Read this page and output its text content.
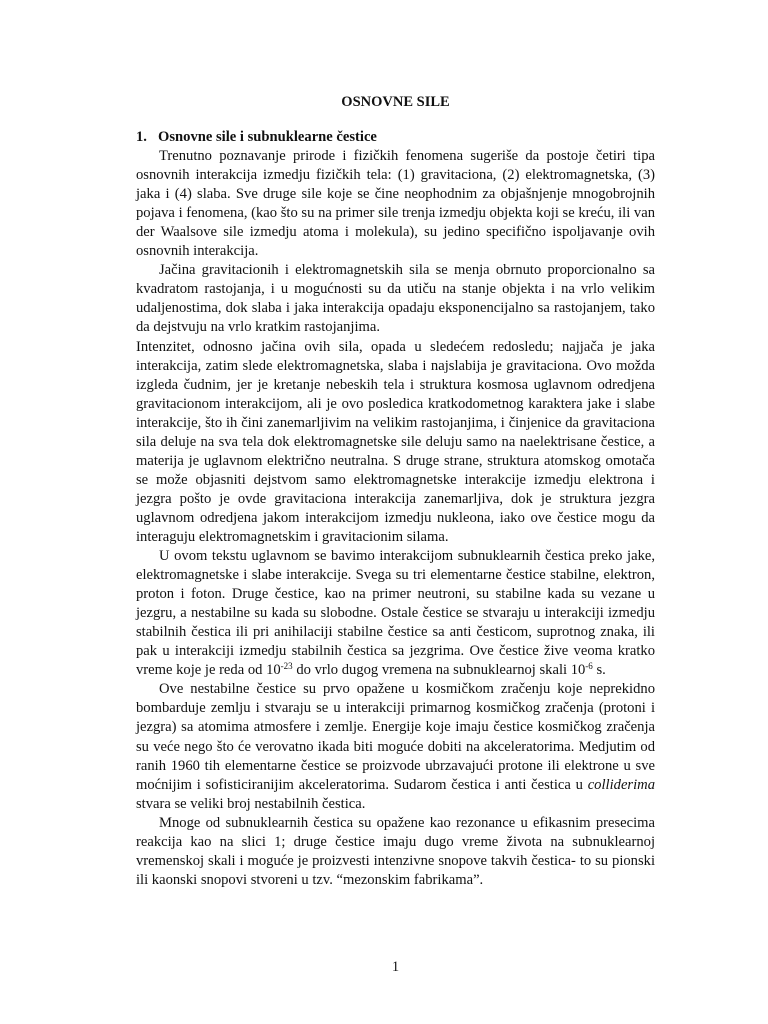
OSNOVNE SILE

1. Osnovne sile i subnuklearne čestice

Trenutno poznavanje prirode i fizičkih fenomena sugeriše da postoje četiri tipa osnovnih interakcija izmedju fizičkih tela: (1) gravitaciona, (2) elektromagnetska, (3) jaka i (4) slaba. Sve druge sile koje se čine neophodnim za objašnjenje mnogobrojnih pojava i fenomena, (kao što su na primer sile trenja izmedju objekta koji se kreću, ili van der Waalsove sile izmedju atoma i molekula), su jedino specifično ispoljavanje ovih osnovnih interakcija.

Jačina gravitacionih i elektromagnetskih sila se menja obrnuto proporcionalno sa kvadratom rastojanja, i u mogućnosti su da utiču na stanje objekta i na vrlo velikim udaljenostima, dok slaba i jaka interakcija opadaju eksponencijalno sa rastojanjem, tako da dejstvuju na vrlo kratkim rastojanjima.

Intenzitet, odnosno jačina ovih sila, opada u sledećem redosledu; najjača je jaka interakcija, zatim slede elektromagnetska, slaba i najslabija je gravitaciona. Ovo možda izgleda čudnim, jer je kretanje nebeskih tela i struktura kosmosa uglavnom odredjena gravitacionom interakcijom, ali je ovo posledica kratkodometnog karaktera jake i slabe interakcije, što ih čini zanemarljivim na velikim rastojanjima, i činjenice da gravitaciona sila deluje na sva tela dok elektromagnetske sile deluju samo na naelektrisane čestice, a materija je uglavnom električno neutralna. S druge strane, struktura atomskog omotača se može objasniti dejstvom samo elektromagnetske interakcije izmedju elektrona i jezgra pošto je ovde gravitaciona interakcija zanemarljiva, dok je struktura jezgra uglavnom odredjena jakom interakcijom izmedju nukleona, iako ove čestice mogu da interaguju elektromagnetskim i gravitacionim silama.

U ovom tekstu uglavnom se bavimo interakcijom subnuklearnih čestica preko jake, elektromagnetske i slabe interakcije. Svega su tri elementarne čestice stabilne, elektron, proton i foton. Druge čestice, kao na primer neutroni, su stabilne kada su vezane u jezgru, a nestabilne su kada su slobodne. Ostale čestice se stvaraju u interakciji izmedju stabilnih čestica ili pri anihilaciji stabilne čestice sa anti česticom, suprotnog znaka, ili pak u interakciji izmedju stabilnih čestica sa jezgrima. Ove čestice žive veoma kratko vreme koje je reda od $10^{-23}$ do vrlo dugog vremena na subnuklearnoj skali $10^{-6}$ s.

Ove nestabilne čestice su prvo opažene u kosmičkom zračenju koje neprekidno bombarduje zemlju i stvaraju se u interakciji primarnog kosmičkog zračenja (protoni i jezgra) sa atomima atmosfere i zemlje. Energije koje imaju čestice kosmičkog zračenja su veće nego što će verovatno ikada biti moguće dobiti na akceleratorima. Medjutim od ranih 1960 tih elementarne čestice se proizvode ubrzavajući protone ili elektrone u sve moćnijim i sofisticiranijim akceleratorima. Sudarom čestica i anti čestica u colliderima stvara se veliki broj nestabilnih čestica.

Mnoge od subnuklearnih čestica su opažene kao rezonance u efikasnim presecima reakcija kao na slici 1; druge čestice imaju dugo vreme života na subnuklearnoj vremenskoj skali i moguće je proizvesti intenzivne snopove takvih čestica- to su pionski ili kaonski snopovi stvoreni u tzv. “mezonskim fabrikama”.

1
